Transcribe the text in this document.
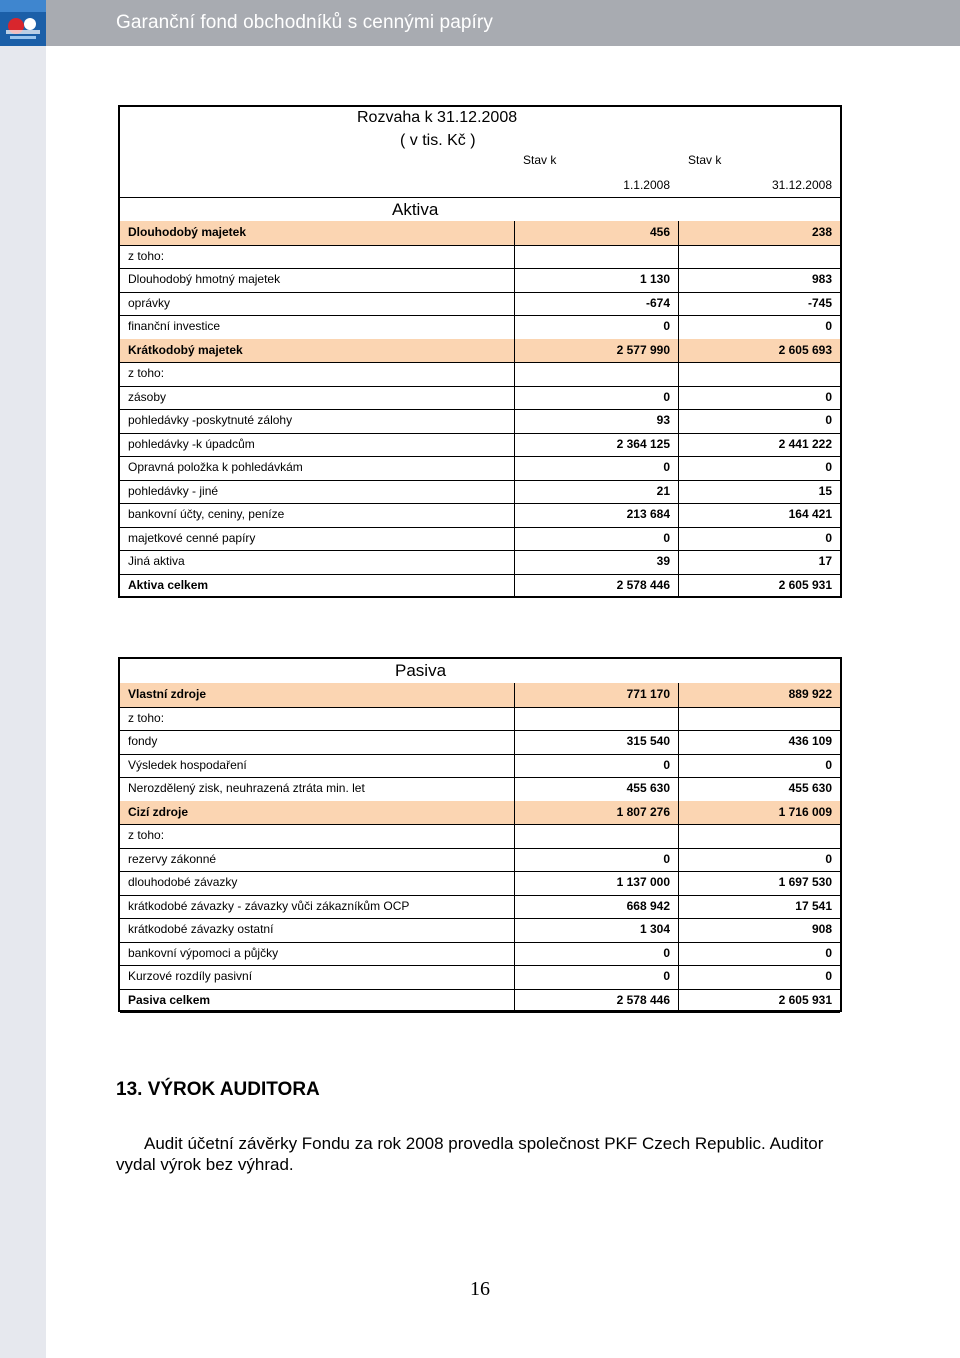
Garanční fond obchodníků s cennými papíry
Rozvaha k 31.12.2008
( v tis. Kč )
Stav k	Stav k
1.1.2008	31.12.2008
Aktiva
Dlouhodobý majetek	456	238
z toho:
Dlouhodobý hmotný majetek	1 130	983
oprávky	-674	-745
finanční investice	0	0
Krátkodobý majetek	2 577 990	2 605 693
z toho:
zásoby	0	0
pohledávky -poskytnuté zálohy	93	0
pohledávky -k úpadcům	2 364 125	2 441 222
Opravná položka k pohledávkám	0	0
pohledávky - jiné	21	15
bankovní účty, ceniny, peníze	213 684	164 421
majetkové cenné papíry	0	0
Jiná aktiva	39	17
Aktiva celkem	2 578 446	2 605 931
Pasiva
Vlastní zdroje	771 170	889 922
z toho:
fondy	315 540	436 109
Výsledek hospodaření	0	0
Nerozdělený zisk, neuhrazená ztráta min. let	455 630	455 630
Cizí zdroje	1 807 276	1 716 009
z toho:
rezervy zákonné	0	0
dlouhodobé závazky	1 137 000	1 697 530
krátkodobé závazky - závazky vůči zákazníkům OCP	668 942	17 541
krátkodobé závazky ostatní	1 304	908
bankovní výpomoci a půjčky	0	0
Kurzové rozdíly pasivní	0	0
Pasiva celkem	2 578 446	2 605 931
13. VÝROK AUDITORA
Audit účetní závěrky Fondu za rok 2008 provedla společnost PKF Czech Republic. Auditor vydal výrok bez výhrad.
16
